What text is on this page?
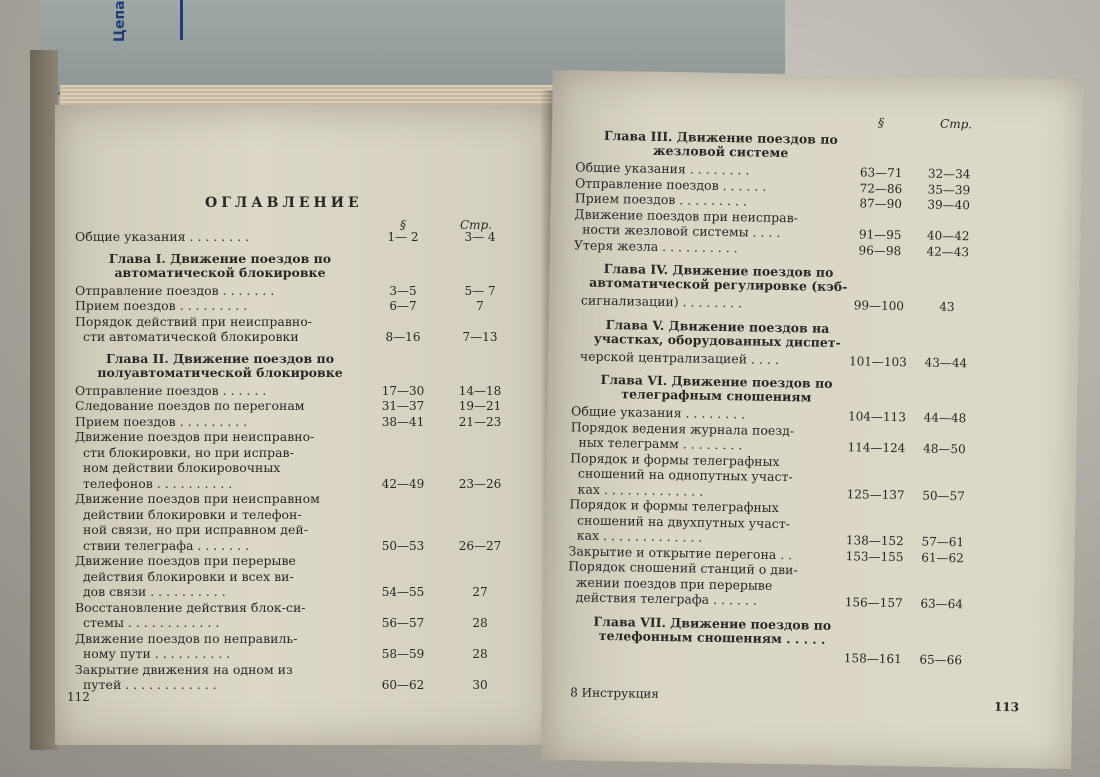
Цепа
ОГЛАВЛЕНИЕ
§	Стр.
Общие указания . . . . . . . .	1— 2	3— 4
Глава I. Движение поездов по
автоматической блокировке
Отправление поездов . . . . . . .	3—5	5— 7
Прием поездов . . . . . . . . .	6—7	7
Порядок действий при неисправно-
сти автоматической блокировки	8—16	7—13
Глава II. Движение поездов по
полуавтоматической блокировке
Отправление поездов . . . . . .	17—30	14—18
Следование поездов по перегонам	31—37	19—21
Прием поездов . . . . . . . . .	38—41	21—23
Движение поездов при неисправно-
сти блокировки, но при исправ-
ном действии блокировочных
телефонов . . . . . . . . . .	42—49	23—26
Движение поездов при неисправном
действии блокировки и телефон-
ной связи, но при исправном дей-
ствии телеграфа . . . . . . .	50—53	26—27
Движение поездов при перерыве
действия блокировки и всех ви-
дов связи . . . . . . . . . .	54—55	27
Восстановление действия блок-си-
стемы . . . . . . . . . . . .	56—57	28
Движение поездов по неправиль-
ному пути . . . . . . . . . .	58—59	28
Закрытие движения на одном из
путей . . . . . . . . . . . .	60—62	30
112
§	Стр.
Глава III. Движение поездов по
жезловой системе
Общие указания . . . . . . . .	63—71	32—34
Отправление поездов . . . . . .	72—86	35—39
Прием поездов . . . . . . . . .	87—90	39—40
Движение поездов при неисправ-
ности жезловой системы . . . .	91—95	40—42
Утеря жезла . . . . . . . . . .	96—98	42—43
Глава IV. Движение поездов по
автоматической регулировке (кэб-
сигнализации) . . . . . . . .	99—100	43
Глава V. Движение поездов на
участках, оборудованных диспет-
черской централизацией . . . .	101—103	43—44
Глава VI. Движение поездов по
телеграфным сношениям
Общие указания . . . . . . . .	104—113	44—48
Порядок ведения журнала поезд-
ных телеграмм . . . . . . . .	114—124	48—50
Порядок и формы телеграфных
сношений на однопутных участ-
ках . . . . . . . . . . . . .	125—137	50—57
Порядок и формы телеграфных
сношений на двухпутных участ-
ках . . . . . . . . . . . . .	138—152	57—61
Закрытие и открытие перегона . .	153—155	61—62
Порядок сношений станций о дви-
жении поездов при перерыве
действия телеграфа . . . . . .	156—157	63—64
Глава VII. Движение поездов по
телефонным сношениям . . . . .
158—161	65—66
8 Инструкция
113
